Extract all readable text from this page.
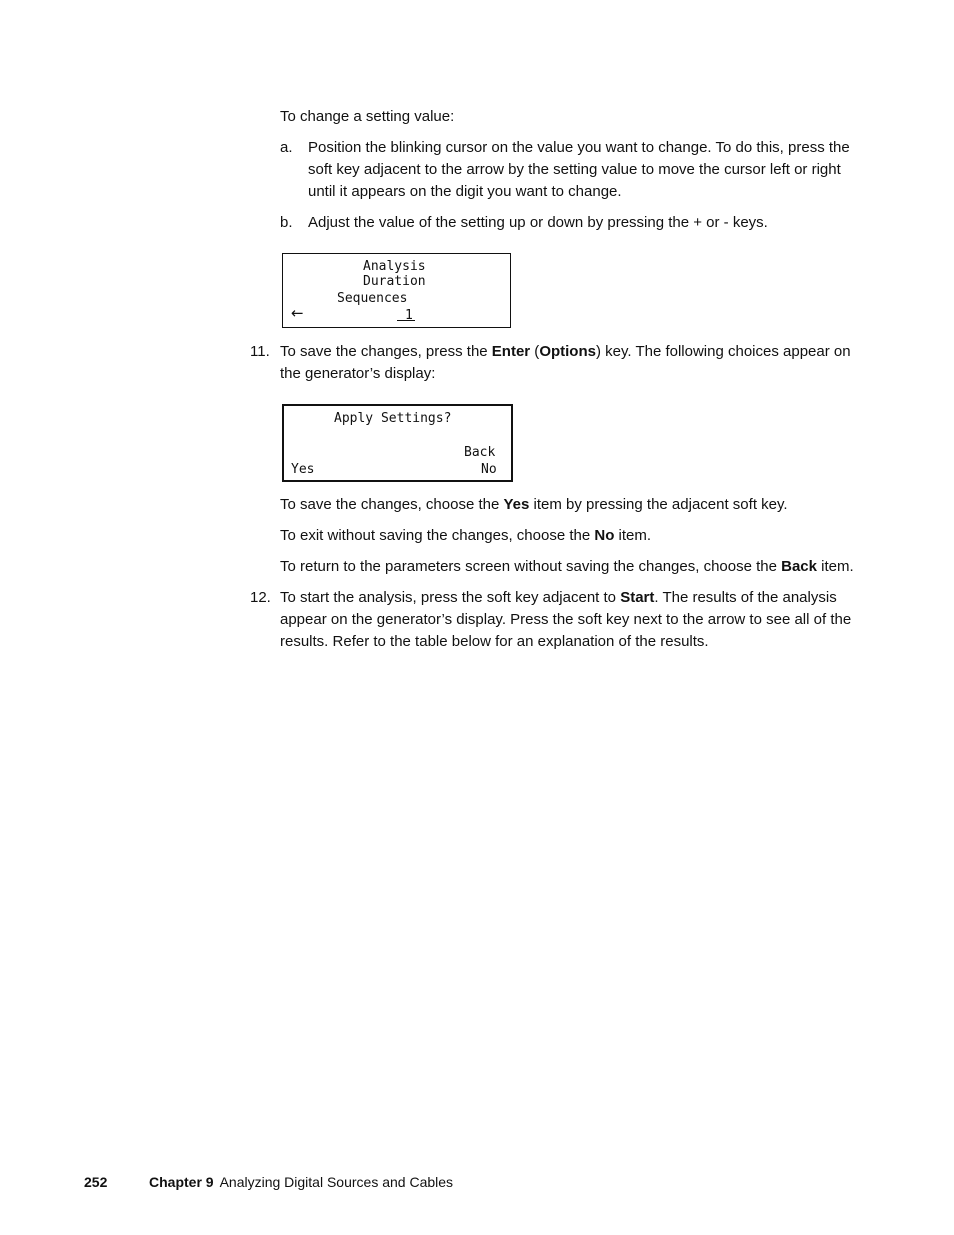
To change a setting value:

a.	Position the blinking cursor on the value you want to change. To do this, press the soft key adjacent to the arrow by the setting value to move the cursor left or right until it appears on the digit you want to change.
b.	Adjust the value of the setting up or down by pressing the + or - keys.
Analysis
Duration
Sequences
←	1
11. To save the changes, press the Enter (Options) key. The following choices appear on the generator’s display:
Apply Settings?
Back
Yes	No

To save the changes, choose the Yes item by pressing the adjacent soft key.

To exit without saving the changes, choose the No item.

To return to the parameters screen without saving the changes, choose the Back item.

12. To start the analysis, press the soft key adjacent to Start. The results of the analysis appear on the generator’s display. Press the soft key next to the arrow to see all of the results. Refer to the table below for an explanation of the results.
252	Chapter 9 Analyzing Digital Sources and Cables
